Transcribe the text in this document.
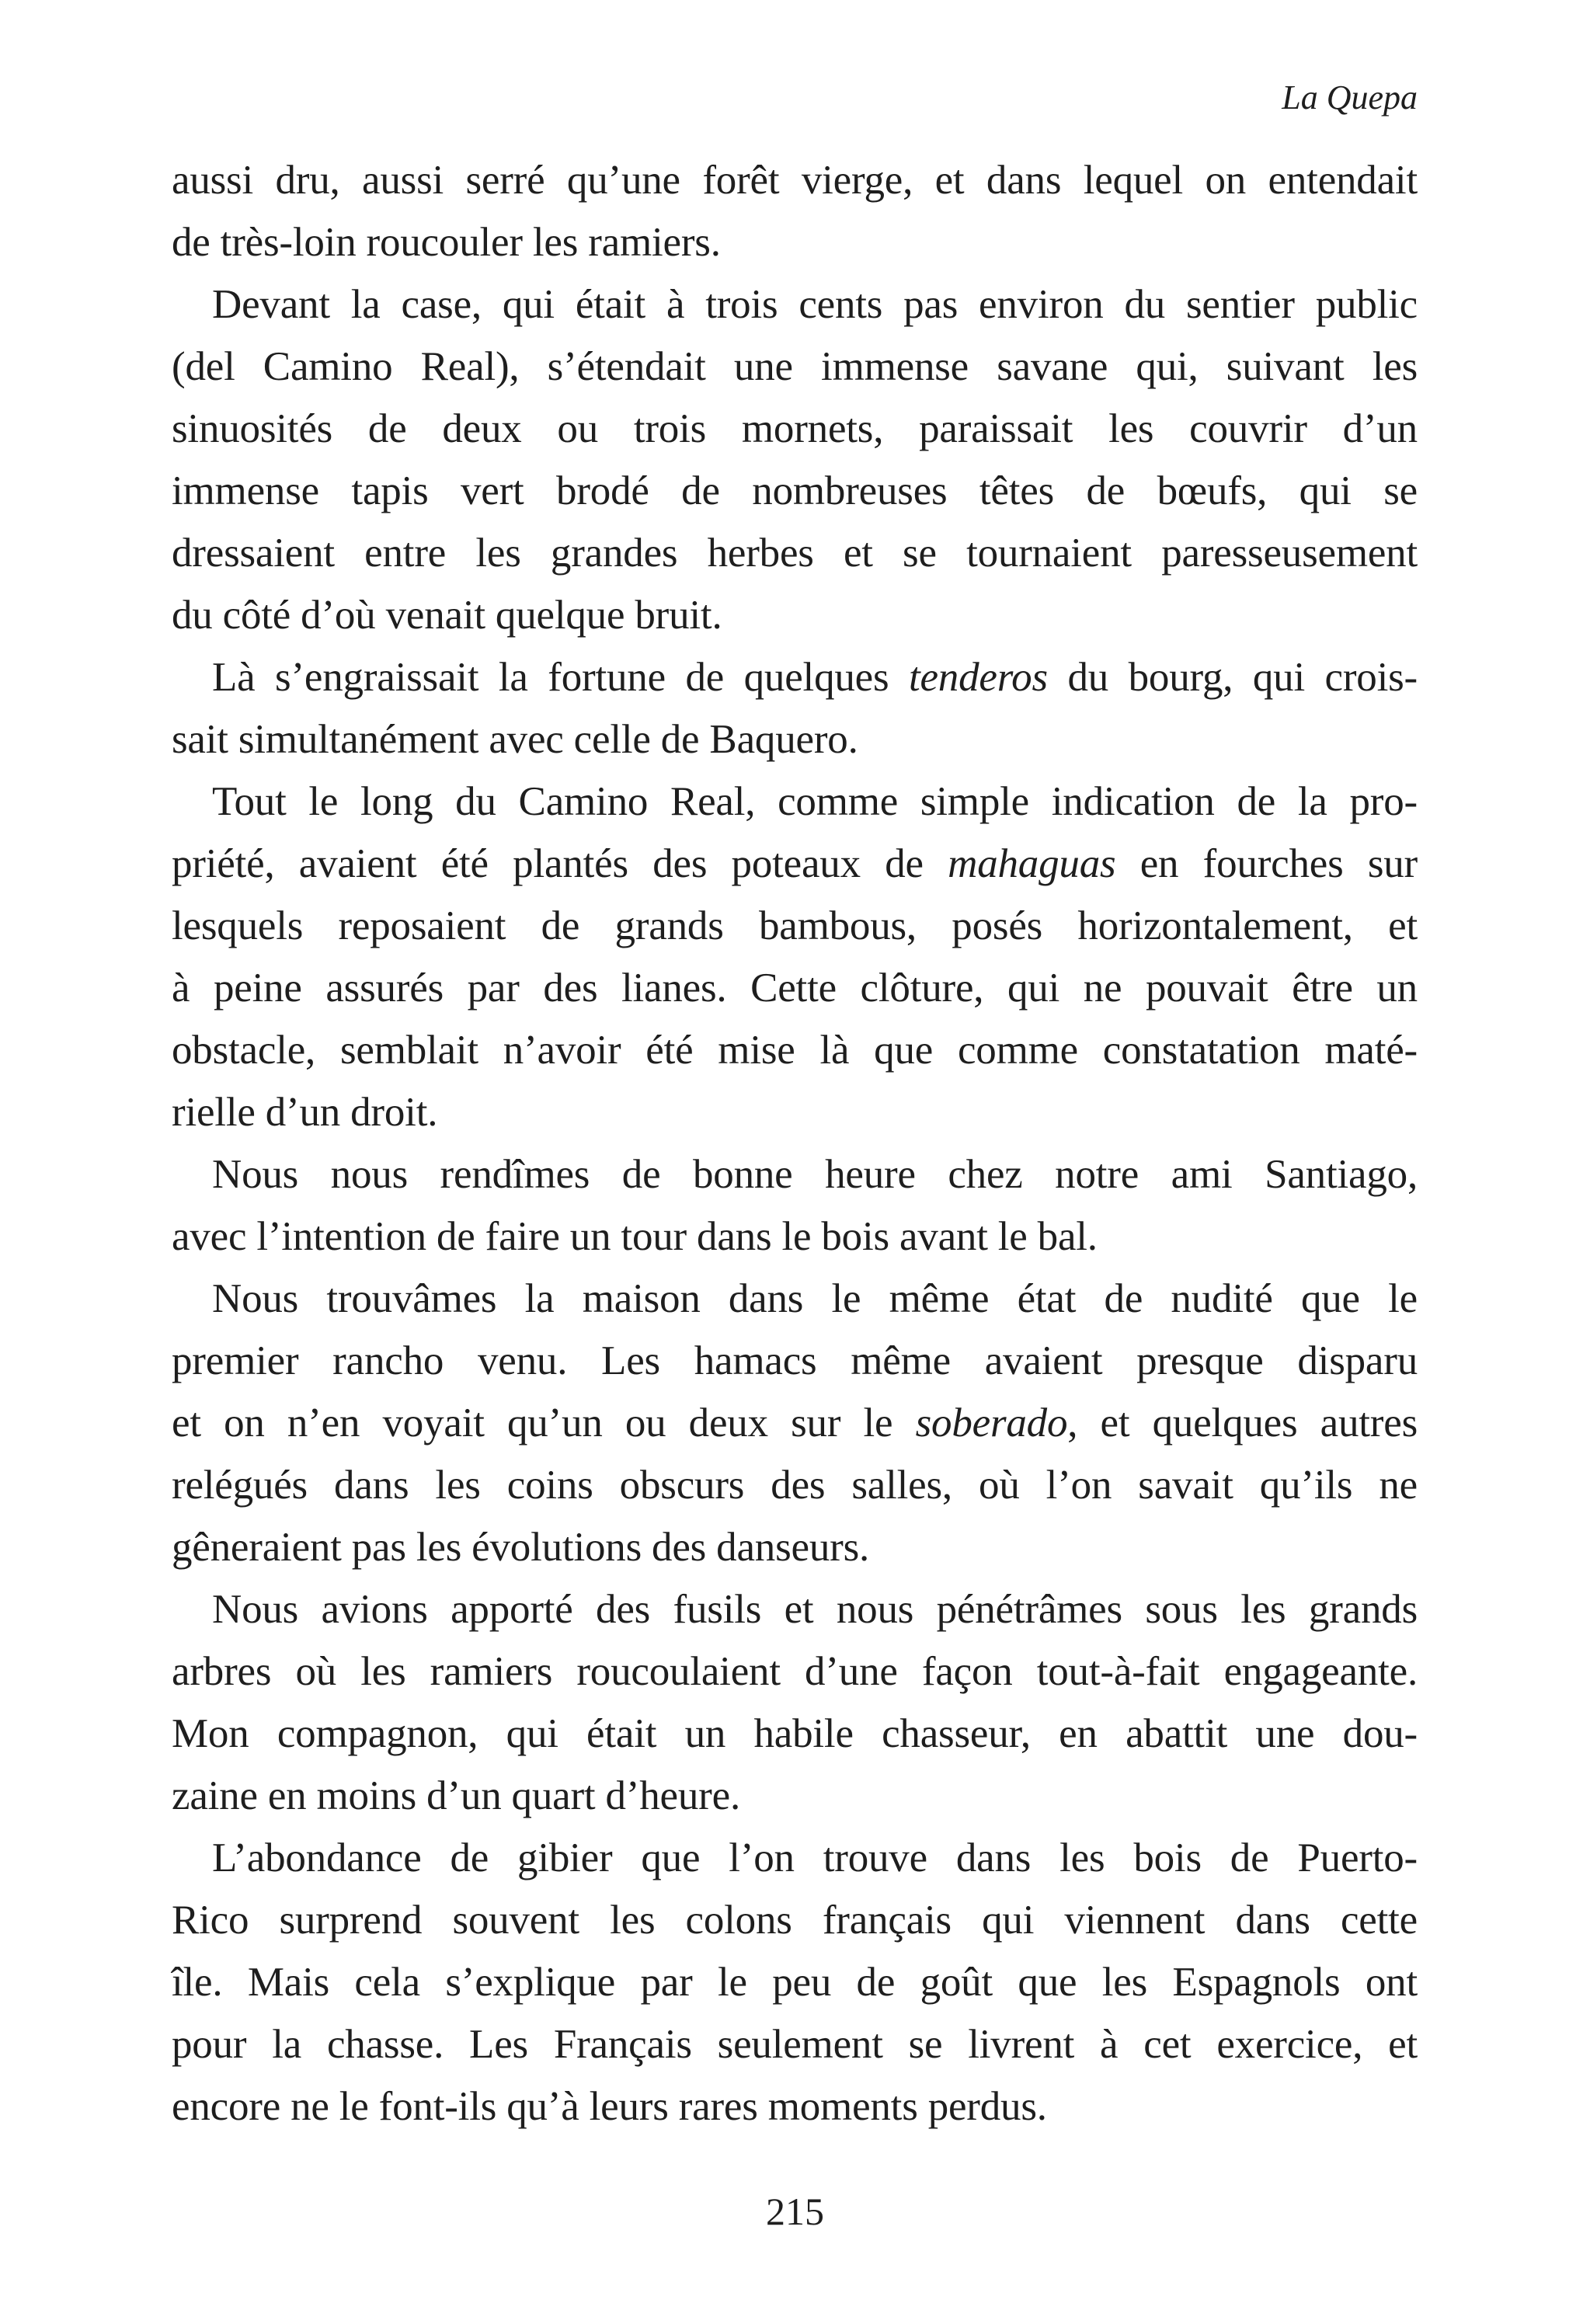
La Quepa
aussi dru, aussi serré qu’une forêt vierge, et dans lequel on entendait
de très-loin roucouler les ramiers.
Devant la case, qui était à trois cents pas environ du sentier public
(del Camino Real), s’étendait une immense savane qui, suivant les
sinuosités de deux ou trois mornets, paraissait les couvrir d’un
immense tapis vert brodé de nombreuses têtes de bœufs, qui se
dressaient entre les grandes herbes et se tournaient paresseusement
du côté d’où venait quelque bruit.
Là s’engraissait la fortune de quelques tenderos du bourg, qui crois-
sait simultanément avec celle de Baquero.
Tout le long du Camino Real, comme simple indication de la pro-
priété, avaient été plantés des poteaux de mahaguas en fourches sur
lesquels reposaient de grands bambous, posés horizontalement, et
à peine assurés par des lianes. Cette clôture, qui ne pouvait être un
obstacle, semblait n’avoir été mise là que comme constatation maté-
rielle d’un droit.
Nous nous rendîmes de bonne heure chez notre ami Santiago,
avec l’intention de faire un tour dans le bois avant le bal.
Nous trouvâmes la maison dans le même état de nudité que le
premier rancho venu. Les hamacs même avaient presque disparu
et on n’en voyait qu’un ou deux sur le soberado, et quelques autres
relégués dans les coins obscurs des salles, où l’on savait qu’ils ne
gêneraient pas les évolutions des danseurs.
Nous avions apporté des fusils et nous pénétrâmes sous les grands
arbres où les ramiers roucoulaient d’une façon tout-à-fait engageante.
Mon compagnon, qui était un habile chasseur, en abattit une dou-
zaine en moins d’un quart d’heure.
L’abondance de gibier que l’on trouve dans les bois de Puerto-
Rico surprend souvent les colons français qui viennent dans cette
île. Mais cela s’explique par le peu de goût que les Espagnols ont
pour la chasse. Les Français seulement se livrent à cet exercice, et
encore ne le font-ils qu’à leurs rares moments perdus.
215
